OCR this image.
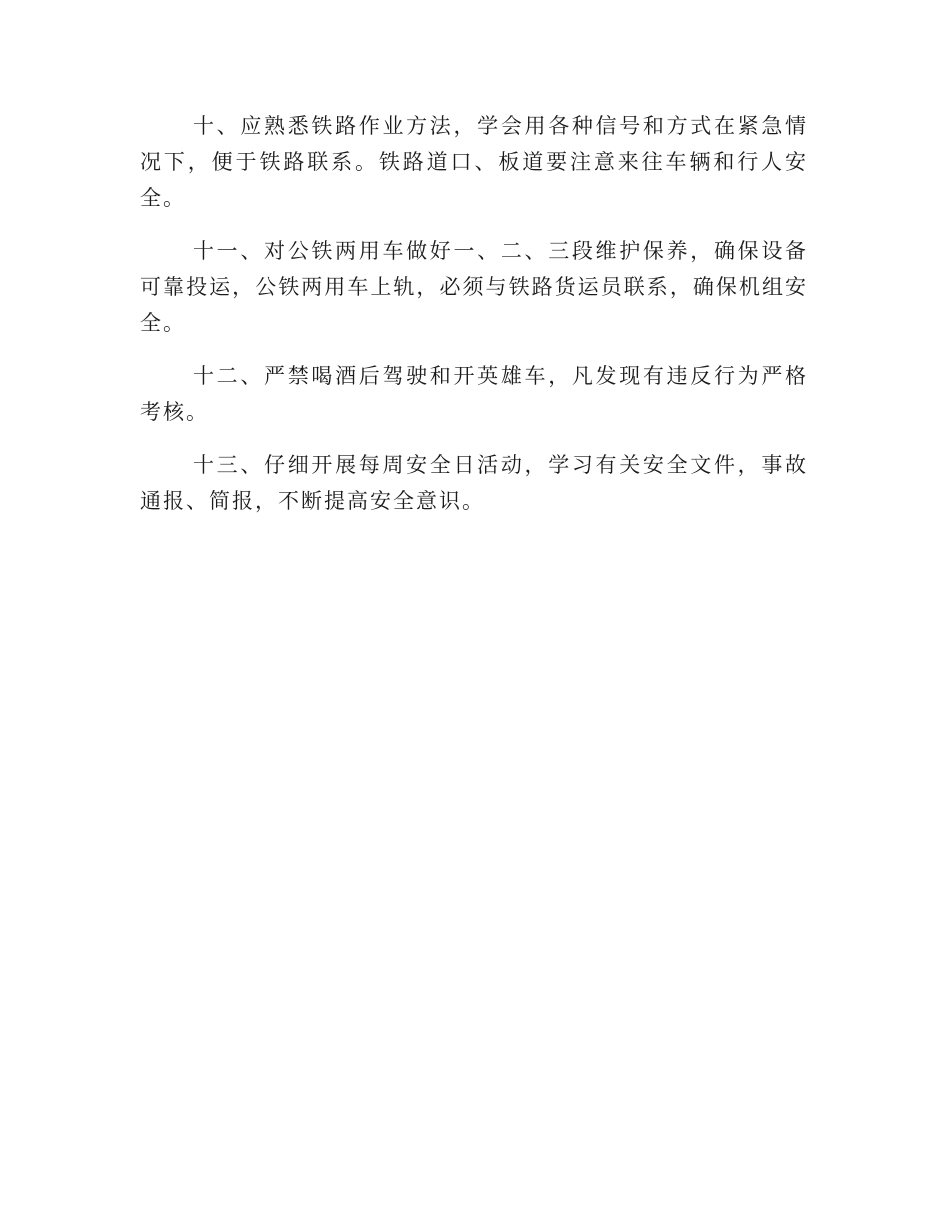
十、应熟悉铁路作业方法，学会用各种信号和方式在紧急情况下，便于铁路联系。铁路道口、板道要注意来往车辆和行人安全。

十一、对公铁两用车做好一、二、三段维护保养，确保设备可靠投运，公铁两用车上轨，必须与铁路货运员联系，确保机组安全。

十二、严禁喝酒后驾驶和开英雄车，凡发现有违反行为严格考核。

十三、仔细开展每周安全日活动，学习有关安全文件，事故通报、简报，不断提高安全意识。
